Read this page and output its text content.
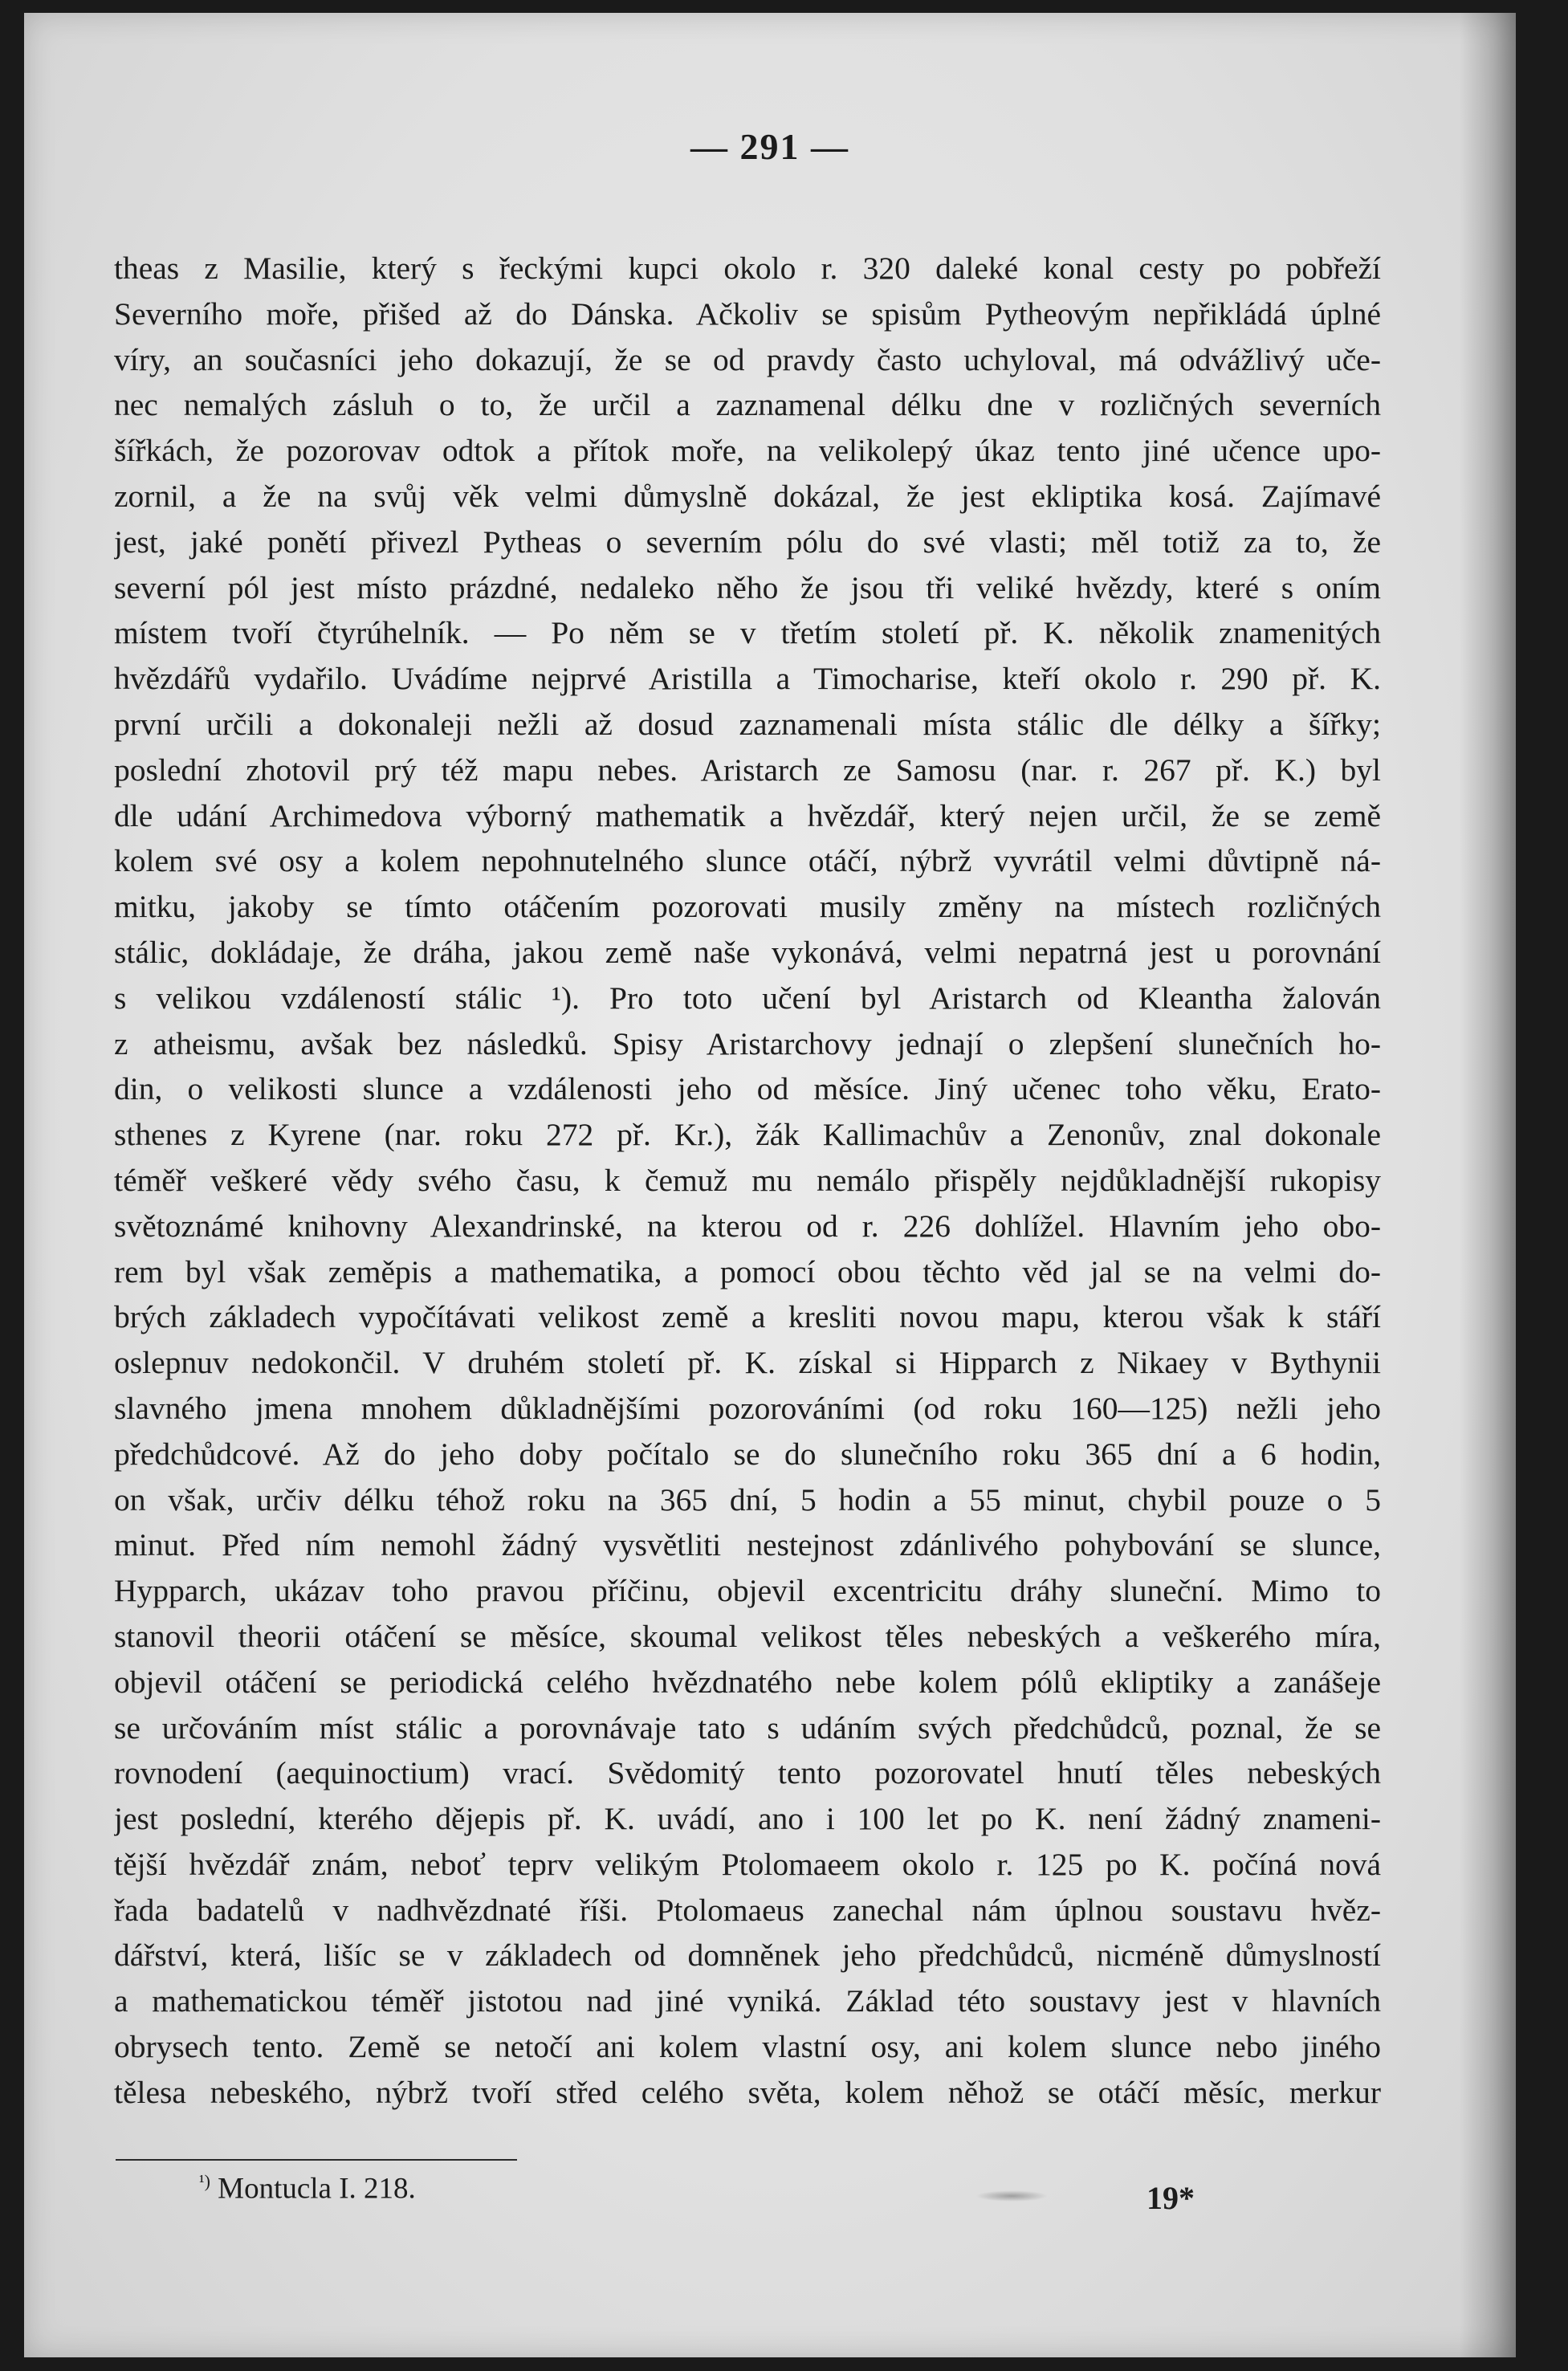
— 291 —
theas z Masilie, který s řeckými kupci okolo r. 320 daleké konal cesty po pobřeží
Severního moře, přišed až do Dánska. Ačkoliv se spisům Pytheovým nepřikládá úplné
víry, an současníci jeho dokazují, že se od pravdy často uchyloval, má odvážlivý uče-
nec nemalých zásluh o to, že určil a zaznamenal délku dne v rozličných severních
šířkách, že pozorovav odtok a přítok moře, na velikolepý úkaz tento jiné učence upo-
zornil, a že na svůj věk velmi důmyslně dokázal, že jest ekliptika kosá. Zajímavé
jest, jaké ponětí přivezl Pytheas o severním pólu do své vlasti; měl totiž za to, že
severní pól jest místo prázdné, nedaleko něho že jsou tři veliké hvězdy, které s oním
místem tvoří čtyrúhelník. — Po něm se v třetím století př. K. několik znamenitých
hvězdářů vydařilo. Uvádíme nejprvé Aristilla a Timocharise, kteří okolo r. 290 př. K.
první určili a dokonaleji nežli až dosud zaznamenali místa stálic dle délky a šířky;
poslední zhotovil prý též mapu nebes. Aristarch ze Samosu (nar. r. 267 př. K.) byl
dle udání Archimedova výborný mathematik a hvězdář, který nejen určil, že se země
kolem své osy a kolem nepohnutelného slunce otáčí, nýbrž vyvrátil velmi důvtipně ná-
mitku, jakoby se tímto otáčením pozorovati musily změny na místech rozličných
stálic, dokládaje, že dráha, jakou země naše vykonává, velmi nepatrná jest u porovnání
s velikou vzdáleností stálic ¹). Pro toto učení byl Aristarch od Kleantha žalován
z atheismu, avšak bez následků. Spisy Aristarchovy jednají o zlepšení slunečních ho-
din, o velikosti slunce a vzdálenosti jeho od měsíce. Jiný učenec toho věku, Erato-
sthenes z Kyrene (nar. roku 272 př. Kr.), žák Kallimachův a Zenonův, znal dokonale
téměř veškeré vědy svého času, k čemuž mu nemálo přispěly nejdůkladnější rukopisy
světoznámé knihovny Alexandrinské, na kterou od r. 226 dohlížel. Hlavním jeho obo-
rem byl však zeměpis a mathematika, a pomocí obou těchto věd jal se na velmi do-
brých základech vypočítávati velikost země a kresliti novou mapu, kterou však k stáří
oslepnuv nedokončil. V druhém století př. K. získal si Hipparch z Nikaey v Bythynii
slavného jmena mnohem důkladnějšími pozorováními (od roku 160—125) nežli jeho
předchůdcové. Až do jeho doby počítalo se do slunečního roku 365 dní a 6 hodin,
on však, určiv délku téhož roku na 365 dní, 5 hodin a 55 minut, chybil pouze o 5
minut. Před ním nemohl žádný vysvětliti nestejnost zdánlivého pohybování se slunce,
Hypparch, ukázav toho pravou příčinu, objevil excentricitu dráhy sluneční. Mimo to
stanovil theorii otáčení se měsíce, skoumal velikost těles nebeských a veškerého míra,
objevil otáčení se periodická celého hvězdnatého nebe kolem pólů ekliptiky a zanášeje
se určováním míst stálic a porovnávaje tato s udáním svých předchůdců, poznal, že se
rovnodení (aequinoctium) vrací. Svědomitý tento pozorovatel hnutí těles nebeských
jest poslední, kterého dějepis př. K. uvádí, ano i 100 let po K. není žádný znameni-
tější hvězdář znám, neboť teprv velikým Ptolomaeem okolo r. 125 po K. počíná nová
řada badatelů v nadhvězdnaté říši. Ptolomaeus zanechal nám úplnou soustavu hvěz-
dářství, která, lišíc se v základech od domněnek jeho předchůdců, nicméně důmyslností
a mathematickou téměř jistotou nad jiné vyniká. Základ této soustavy jest v hlavních
obrysech tento. Země se netočí ani kolem vlastní osy, ani kolem slunce nebo jiného
tělesa nebeského, nýbrž tvoří střed celého světa, kolem něhož se otáčí měsíc, merkur
$^{^1)}$ Montucla I. 218.	19*
